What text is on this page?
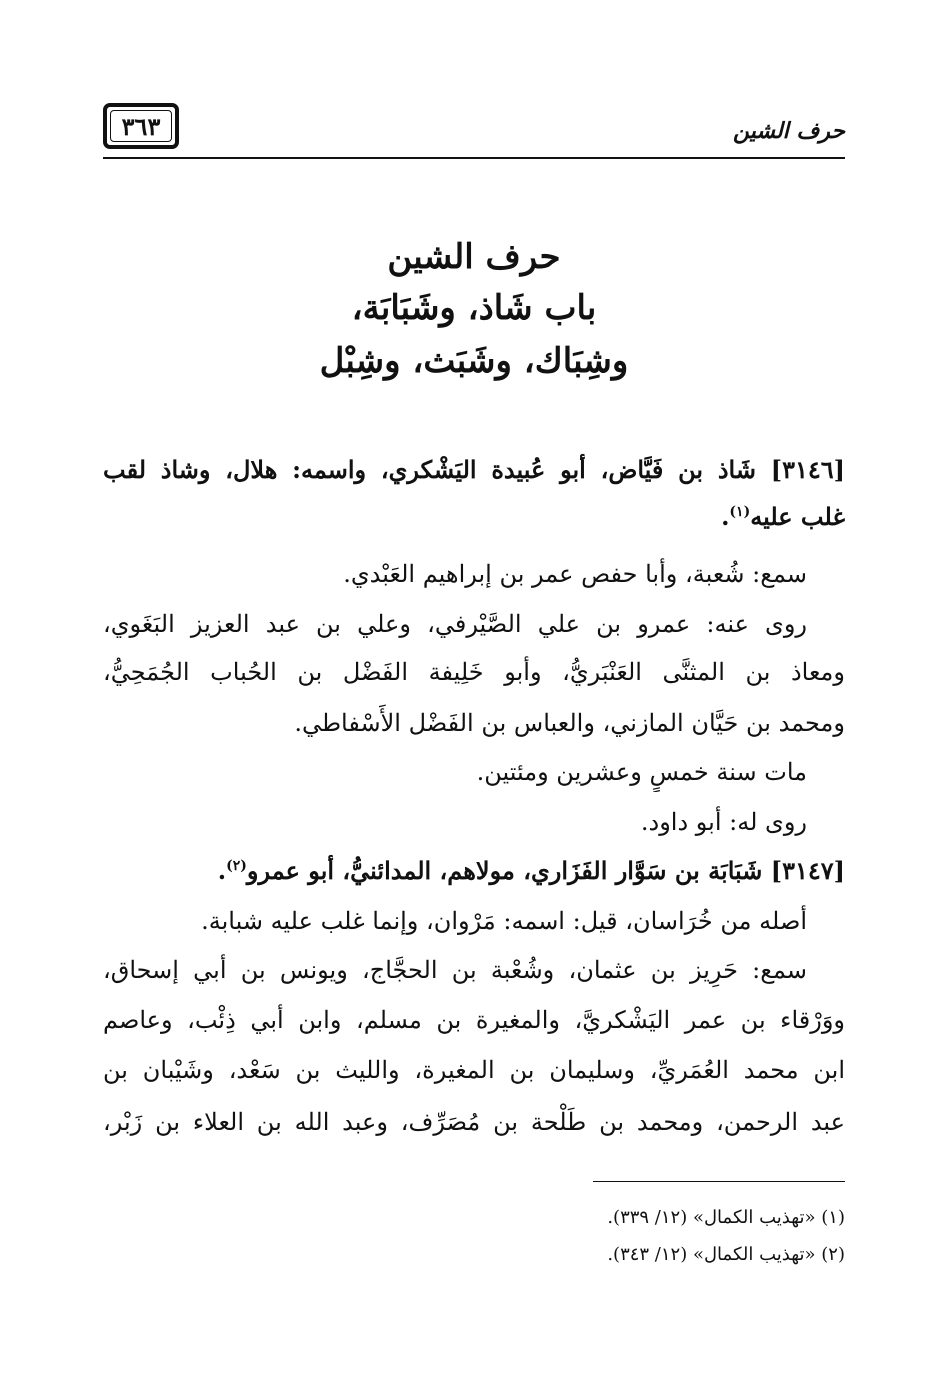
حرف الشين
٣٦٣
حرف الشين
باب شَاذ، وشَبَابَة،
وشِبَاك، وشَبَث، وشِبْل
[٣١٤٦] شَاذ بن فَيَّاض، أبو عُبيدة اليَشْكري، واسمه: هلال، وشاذ لقب
غلب عليه$^{(١)}$.
سمع: شُعبة، وأبا حفص عمر بن إبراهيم العَبْدي.
روى عنه: عمرو بن علي الصَّيْرفي، وعلي بن عبد العزيز البَغَوي،
ومعاذ بن المثنَّى العَنْبَريُّ، وأبو خَلِيفة الفَضْل بن الحُباب الجُمَحِيُّ،
ومحمد بن حَيَّان المازني، والعباس بن الفَضْل الأَسْفاطي.
مات سنة خمسٍ وعشرين ومئتين.
روى له: أبو داود.
[٣١٤٧] شَبَابَة بن سَوَّار الفَزَاري، مولاهم، المدائنيُّ، أبو عمرو$^{(٢)}$.
أصله من خُرَاسان، قيل: اسمه: مَرْوان، وإنما غلب عليه شبابة.
سمع: حَرِيز بن عثمان، وشُعْبة بن الحجَّاج، ويونس بن أبي إسحاق،
ووَرْقاء بن عمر اليَشْكريَّ، والمغيرة بن مسلم، وابن أبي ذِئْب، وعاصم
ابن محمد العُمَريِّ، وسليمان بن المغيرة، والليث بن سَعْد، وشَيْبان بن
عبد الرحمن، ومحمد بن طَلْحة بن مُصَرِّف، وعبد الله بن العلاء بن زَبْر،
(١) «تهذيب الكمال» (١٢/ ٣٣٩).
(٢) «تهذيب الكمال» (١٢/ ٣٤٣).
